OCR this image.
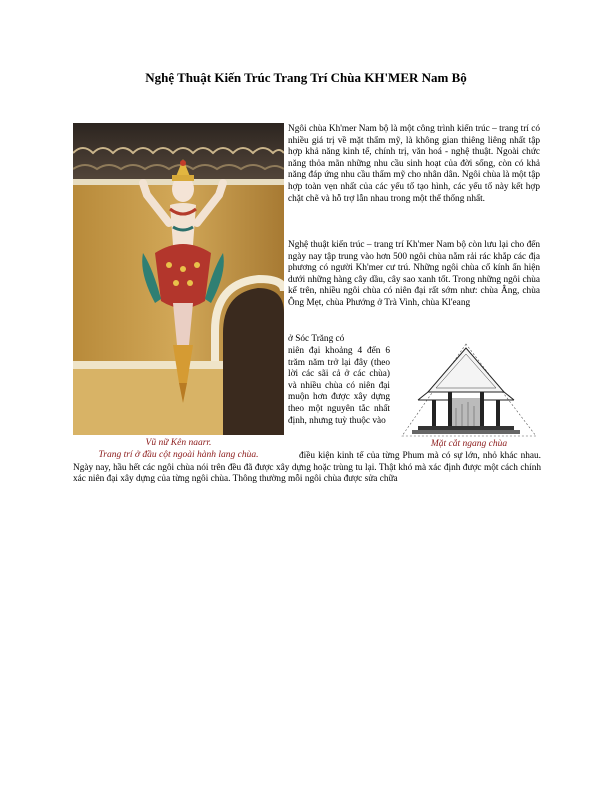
Nghệ Thuật Kiến Trúc Trang Trí Chùa KH'MER Nam Bộ
Vũ nữ Kên naarr.
Trang trí ở đầu cột ngoài hành lang chùa.

Ngôi chùa Kh'mer Nam bộ là một công trình kiến trúc – trang trí có nhiều giá trị về mặt thẩm mỹ, là không gian thiêng liêng nhất tập hợp khả năng kinh tế, chính trị, văn hoá - nghệ thuật. Ngoài chức năng thỏa mãn những nhu cầu sinh hoạt của đời sống, còn có khả năng đáp ứng nhu cầu thẩm mỹ cho nhân dân. Ngôi chùa là một tập hợp toàn vẹn nhất của các yếu tố tạo hình, các yếu tố này kết hợp chặt chẽ và hỗ trợ lẫn nhau trong một thể thống nhất.

Nghệ thuật kiến trúc – trang trí Kh'mer Nam bộ còn lưu lại cho đến ngày nay tập trung vào hơn 500 ngôi chùa nằm rải rác khắp các địa phương có người Kh'mer cư trú. Những ngôi chùa cổ kính ẩn hiện dưới những hàng cây dầu, cây sao xanh tốt. Trong những ngôi chùa kể trên, nhiều ngôi chùa có niên đại rất sớm như: chùa Âng, chùa Ông Mẹt, chùa Phướng ở Trà Vinh, chùa Kl'eang

ở Sóc Trăng có

niên đại khoảng 4 đến 6 trăm năm trở lại đây (theo lời các sãi cả ở các chùa) và nhiều chùa có niên đại muộn hơn được xây dựng theo một nguyên tắc nhất định, nhưng tuỳ thuộc vào

Mặt cắt ngang chùa

điều kiện kinh tế của từng Phum mà có sự lớn, nhỏ khác nhau. Ngày nay, hầu hết các ngôi chùa nói trên đều đã được xây dựng hoặc trùng tu lại. Thật khó mà xác định được một cách chính xác niên đại xây dựng của từng ngôi chùa. Thông thường mỗi ngôi chùa được sửa chữa
